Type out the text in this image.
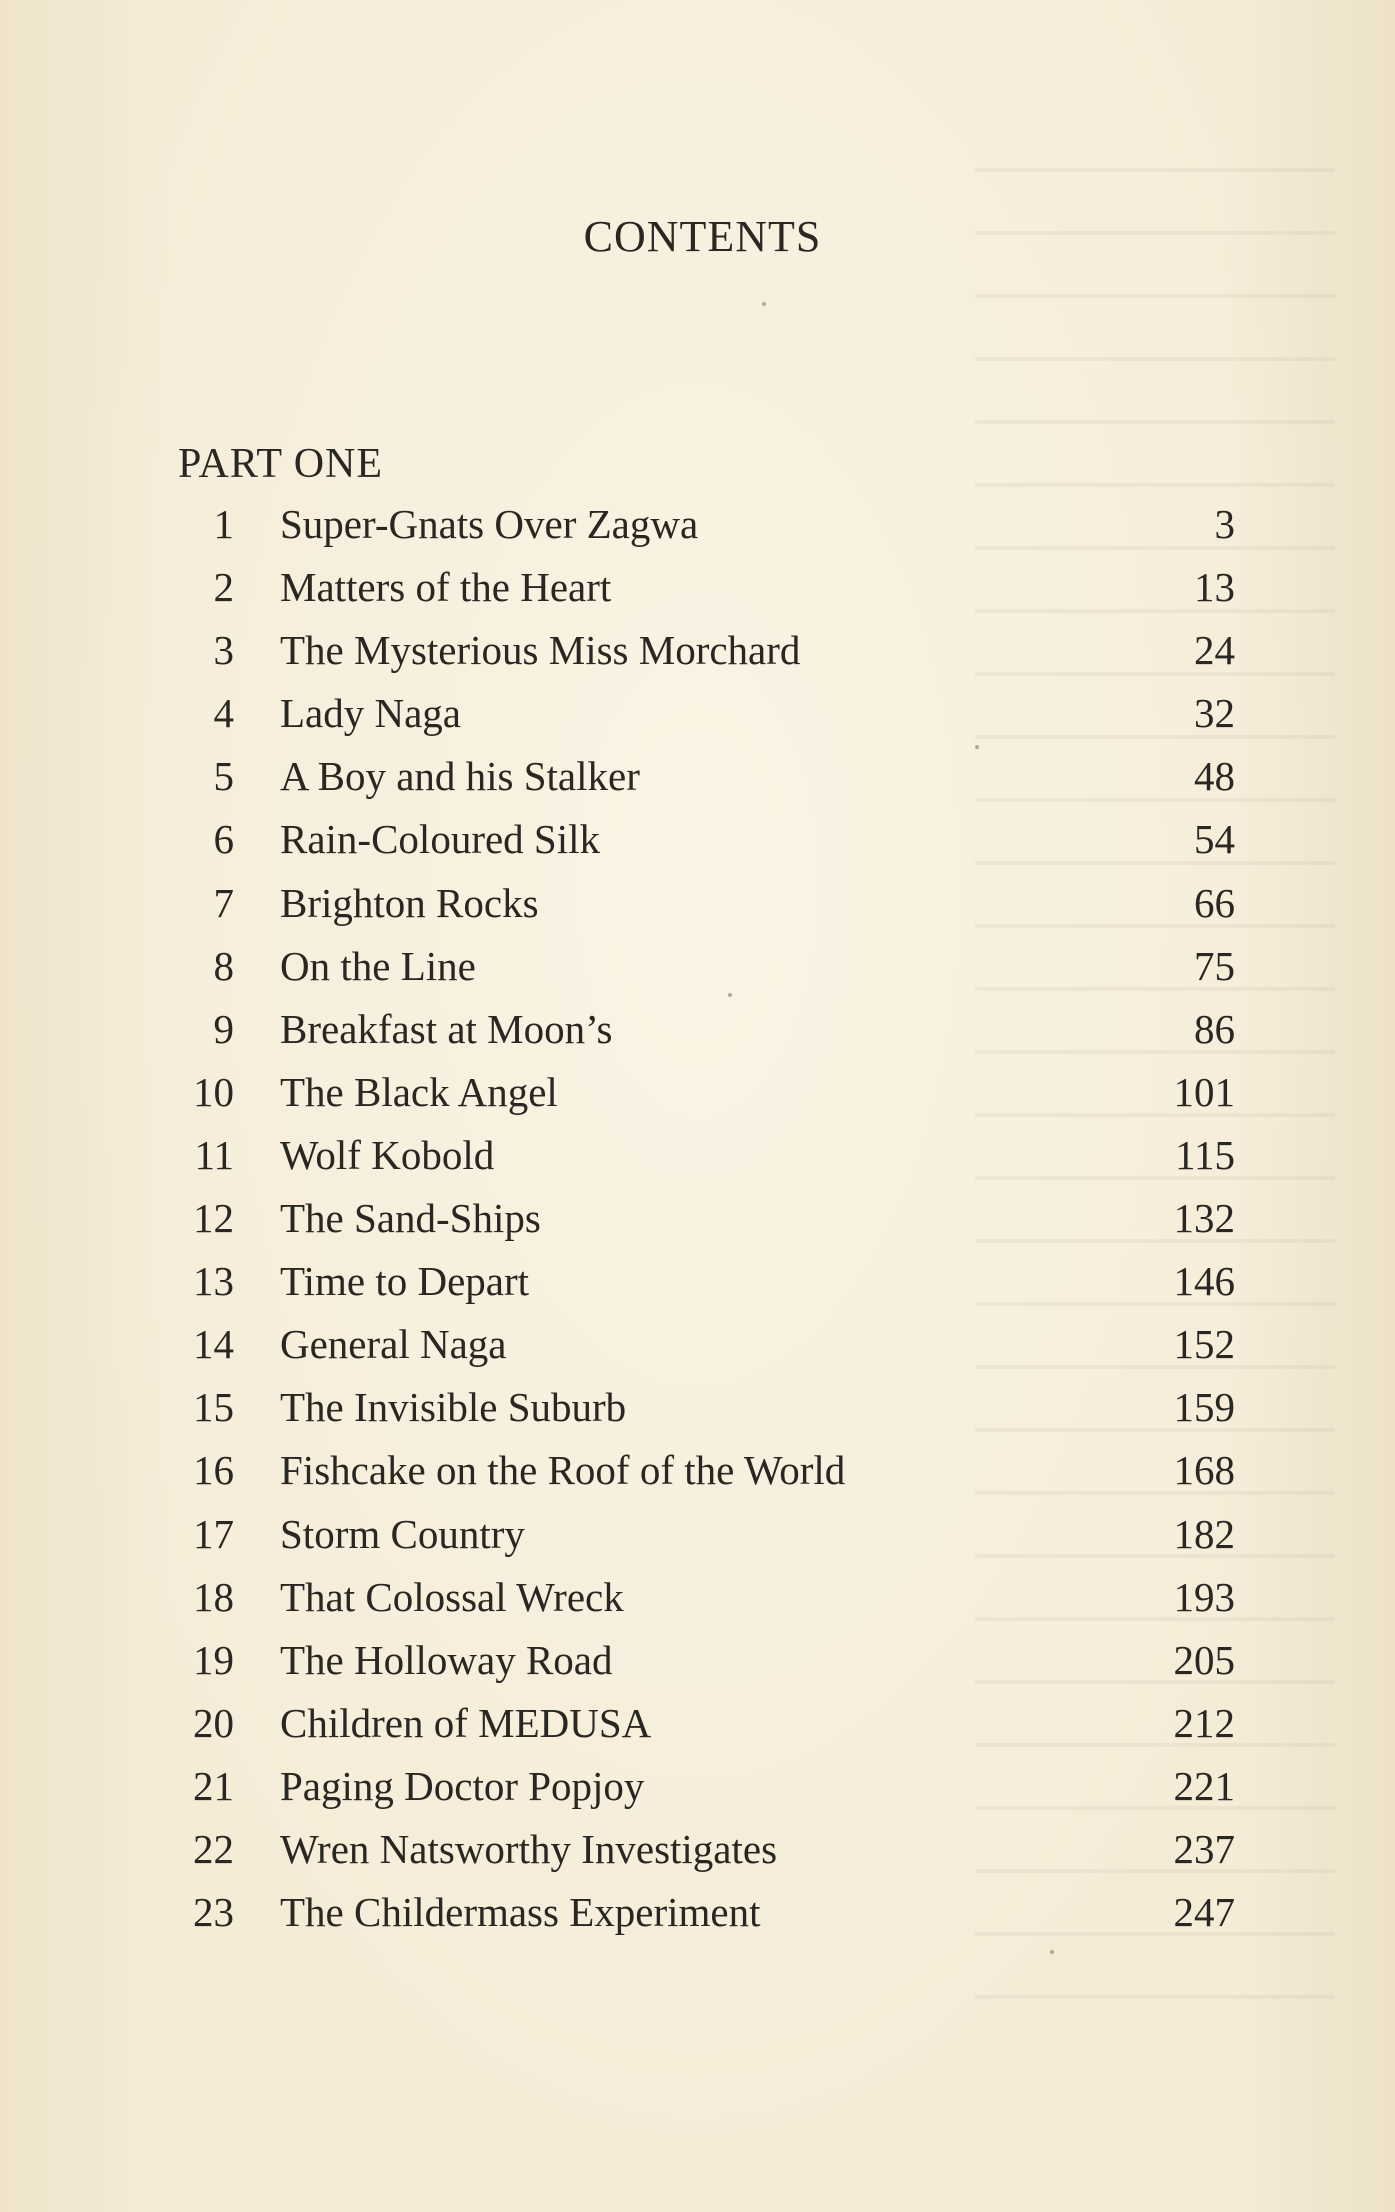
CONTENTS
PART ONE
1	Super-Gnats Over Zagwa	3
2	Matters of the Heart	13
3	The Mysterious Miss Morchard	24
4	Lady Naga	32
5	A Boy and his Stalker	48
6	Rain-Coloured Silk	54
7	Brighton Rocks	66
8	On the Line	75
9	Breakfast at Moon’s	86
10	The Black Angel	101
11	Wolf Kobold	115
12	The Sand-Ships	132
13	Time to Depart	146
14	General Naga	152
15	The Invisible Suburb	159
16	Fishcake on the Roof of the World	168
17	Storm Country	182
18	That Colossal Wreck	193
19	The Holloway Road	205
20	Children of MEDUSA	212
21	Paging Doctor Popjoy	221
22	Wren Natsworthy Investigates	237
23	The Childermass Experiment	247
